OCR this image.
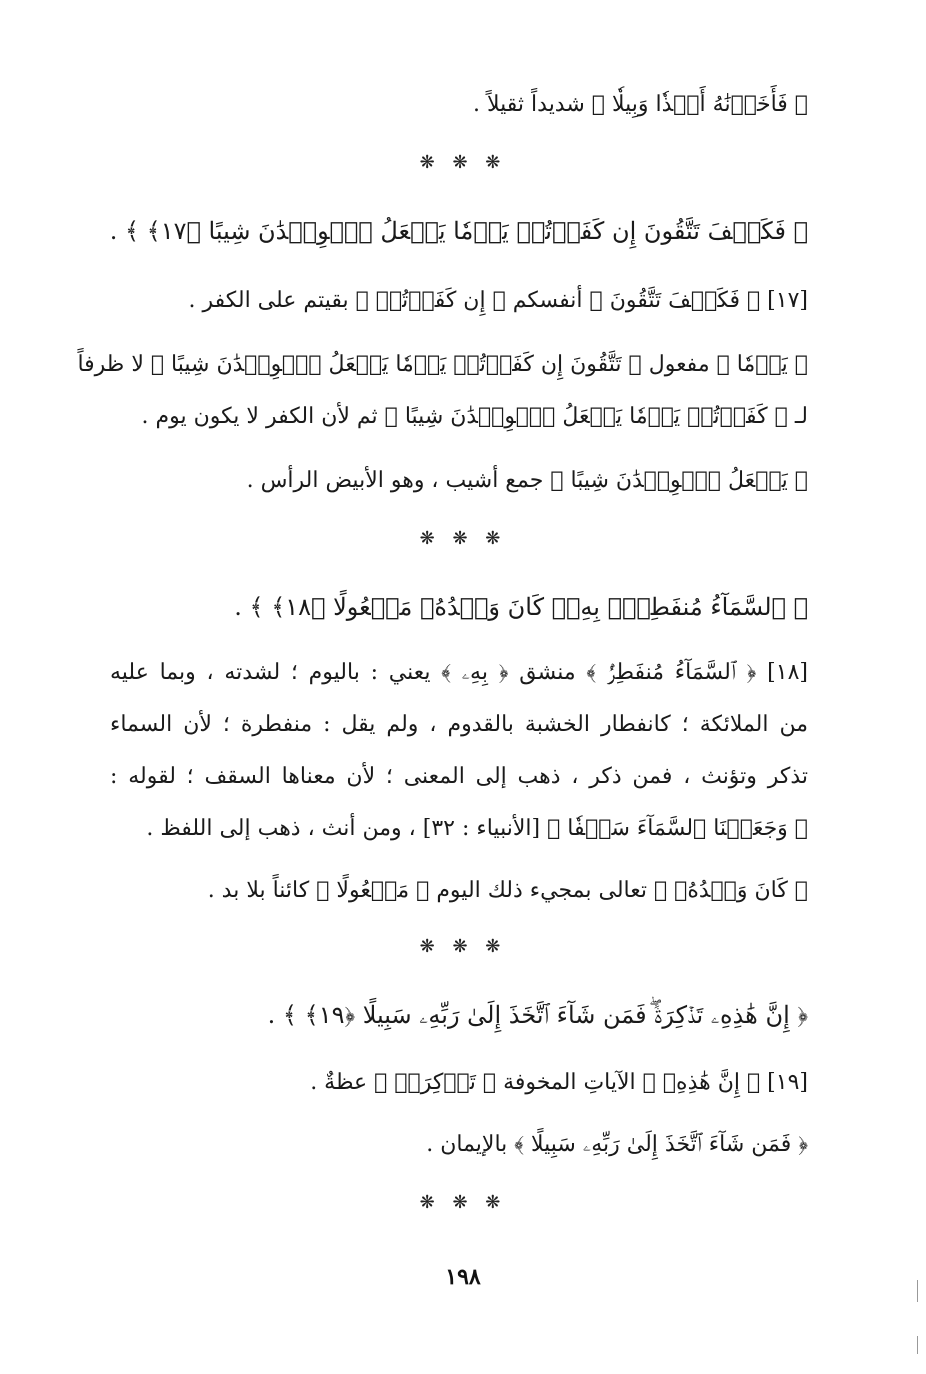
﴿ فَأَخَذۡنَٰهُ أَخۡذٗا وَبِيلٗا ﴾ شديداً ثقيلاً .
❋ ❋ ❋
﴿ فَكَيۡفَ تَتَّقُونَ إِن كَفَرۡتُمۡ يَوۡمٗا يَجۡعَلُ ٱلۡوِلۡدَٰنَ شِيبًا ﴿١٧﴾ ﴾ .
[١٧] ﴿ فَكَيۡفَ تَتَّقُونَ ﴾ أنفسكم ﴿ إِن كَفَرۡتُمۡ ﴾ بقيتم على الكفر .
﴿ يَوۡمٗا ﴾ مفعول ﴿ تَتَّقُونَ إِن كَفَرۡتُمۡ يَوۡمٗا يَجۡعَلُ ٱلۡوِلۡدَٰنَ شِيبًا ﴾ لا ظرفاً
لـ ﴿ كَفَرۡتُمۡ يَوۡمٗا يَجۡعَلُ ٱلۡوِلۡدَٰنَ شِيبًا ﴾ ثم لأن الكفر لا يكون يوم .
﴿ يَجۡعَلُ ٱلۡوِلۡدَٰنَ شِيبًا ﴾ جمع أشيب ، وهو الأبيض الرأس .
❋ ❋ ❋
﴿ ٱلسَّمَآءُ مُنفَطِرُۢ بِهِۦۚ كَانَ وَعۡدُهُۥ مَفۡعُولًا ﴿١٨﴾ ﴾ .
[١٨] ﴿ ٱلسَّمَآءُ مُنفَطِرُۢ ﴾ منشق ﴿ بِهِۦ ﴾ يعني : باليوم ؛ لشدته ، وبما عليه
من الملائكة ؛ كانفطار الخشبة بالقدوم ، ولم يقل : منفطرة ؛ لأن السماء
تذكر وتؤنث ، فمن ذكر ، ذهب إلى المعنى ؛ لأن معناها السقف ؛ لقوله :
﴿ وَجَعَلۡنَا ٱلسَّمَآءَ سَقۡفٗا ﴾ [الأنبياء : ٣٢] ، ومن أنث ، ذهب إلى اللفظ .
﴿ كَانَ وَعۡدُهُۥ ﴾ تعالى بمجيء ذلك اليوم ﴿ مَفۡعُولًا ﴾ كائناً بلا بد .
❋ ❋ ❋
﴿ إِنَّ هَٰذِهِۦ تَذۡكِرَةٞۖ فَمَن شَآءَ ٱتَّخَذَ إِلَىٰ رَبِّهِۦ سَبِيلًا ﴿١٩﴾ ﴾ .
[١٩] ﴿ إِنَّ هَٰذِهِۦ ﴾ الآياتِ المخوفة ﴿ تَذۡكِرَةٞ ﴾ عظةٌ .
﴿ فَمَن شَآءَ ٱتَّخَذَ إِلَىٰ رَبِّهِۦ سَبِيلًا ﴾ بالإيمان .
❋ ❋ ❋
١٩٨
